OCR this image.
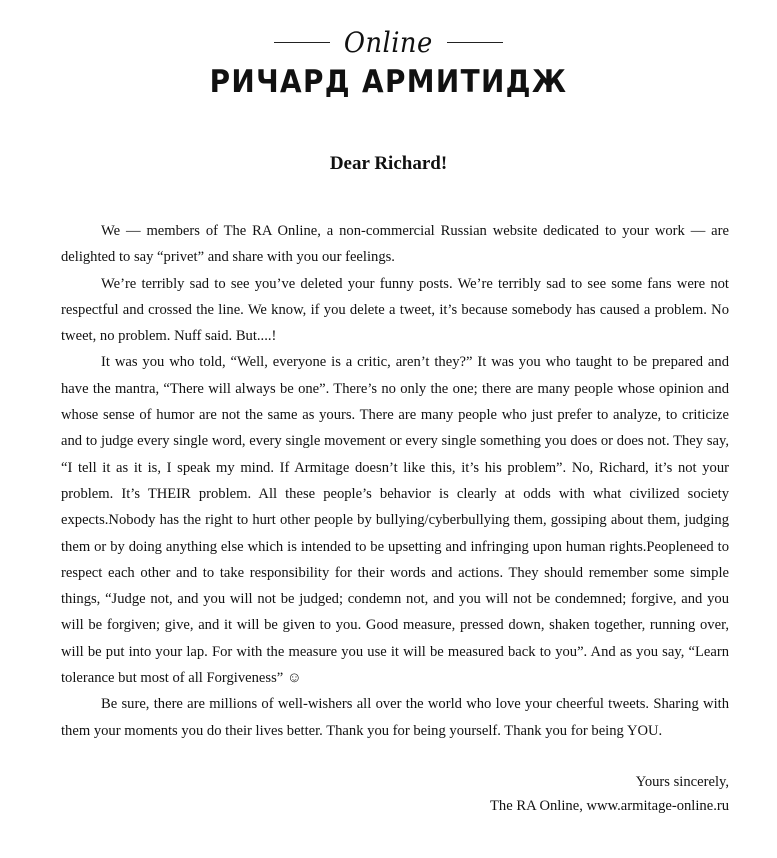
Online
РИЧАРД АРМИТИДЖ
Dear Richard!

We — members of The RA Online, a non-commercial Russian website dedicated to your work — are delighted to say “privet” and share with you our feelings.

We’re terribly sad to see you’ve deleted your funny posts. We’re terribly sad to see some fans were not respectful and crossed the line. We know, if you delete a tweet, it’s because somebody has caused a problem. No tweet, no problem. Nuff said. But....!

It was you who told, “Well, everyone is a critic, aren’t they?” It was you who taught to be prepared and have the mantra, “There will always be one”. There’s no only the one; there are many people whose opinion and whose sense of humor are not the same as yours. There are many people who just prefer to analyze, to criticize and to judge every single word, every single movement or every single something you does or does not. They say, “I tell it as it is, I speak my mind. If Armitage doesn’t like this, it’s his problem”. No, Richard, it’s not your problem. It’s THEIR problem. All these people’s behavior is clearly at odds with what civilized society expects.Nobody has the right to hurt other people by bullying/cyberbullying them, gossiping about them, judging them or by doing anything else which is intended to be upsetting and infringing upon human rights.Peopleneed to respect each other and to take responsibility for their words and actions. They should remember some simple things, “Judge not, and you will not be judged; condemn not, and you will not be condemned; forgive, and you will be forgiven; give, and it will be given to you. Good measure, pressed down, shaken together, running over, will be put into your lap. For with the measure you use it will be measured back to you”. And as you say, “Learn tolerance but most of all Forgiveness” ☺

Be sure, there are millions of well-wishers all over the world who love your cheerful tweets. Sharing with them your moments you do their lives better. Thank you for being yourself. Thank you for being YOU.

Yours sincerely,
The RA Online, www.armitage-online.ru
